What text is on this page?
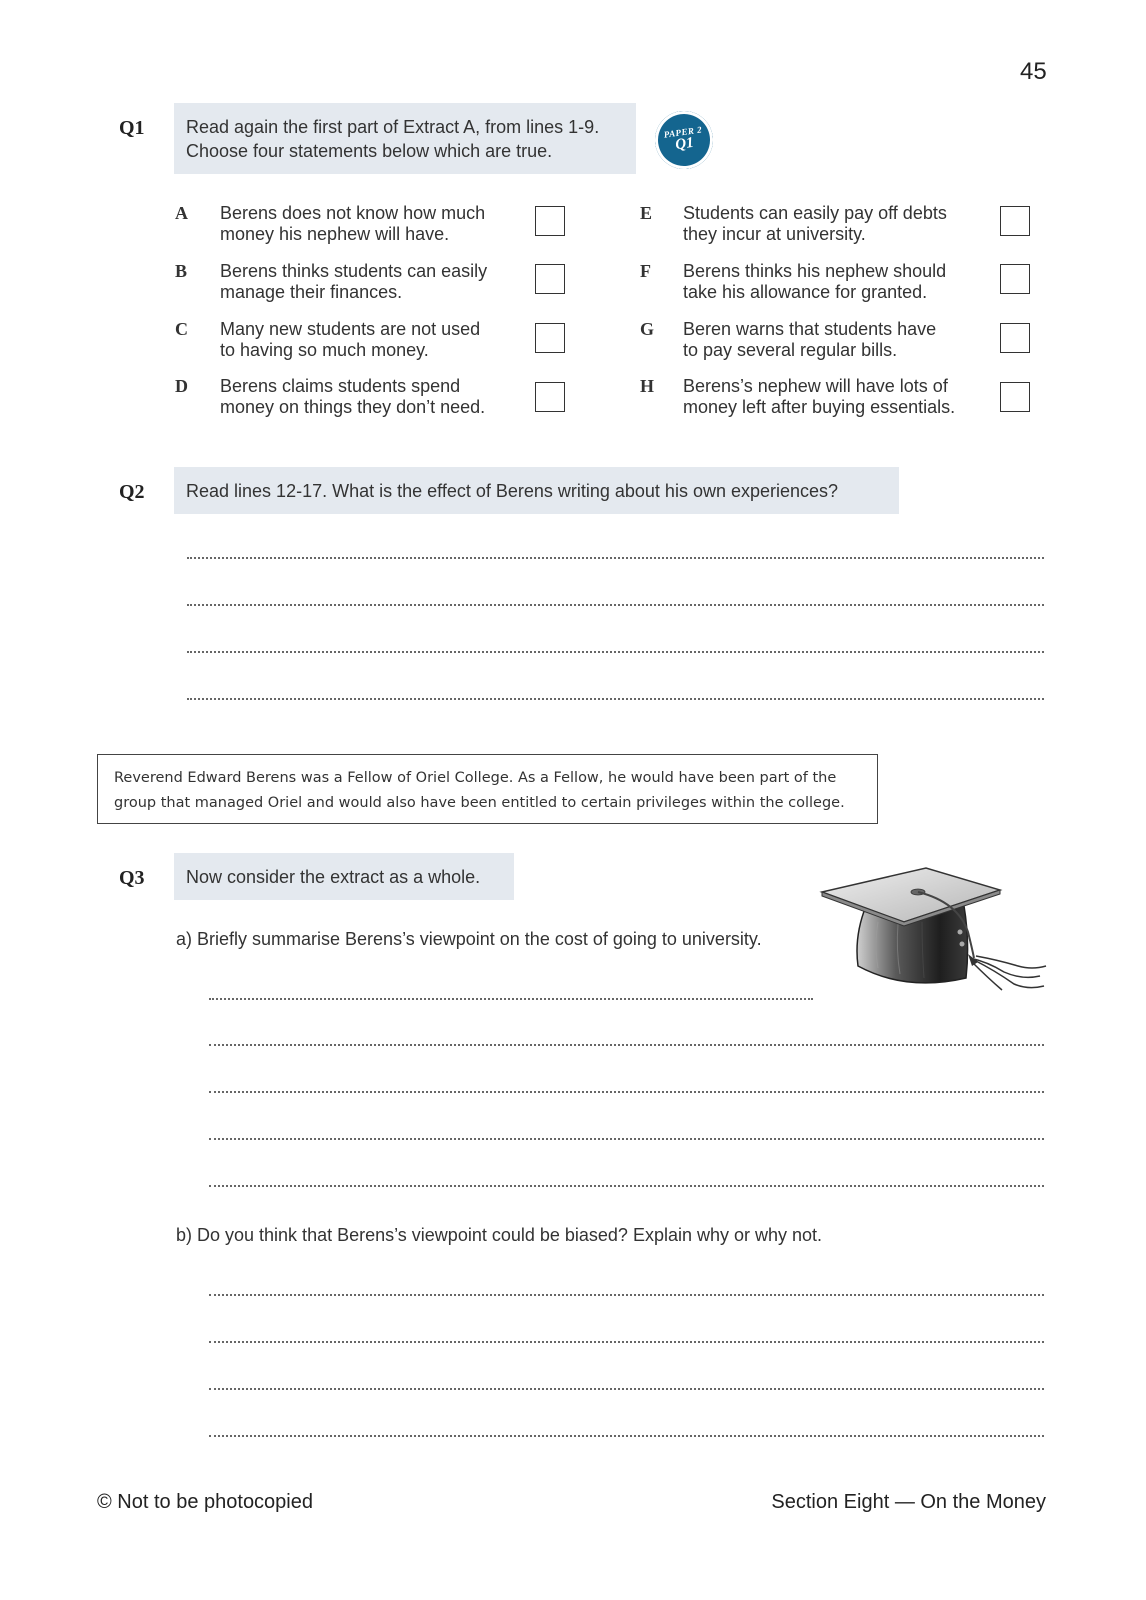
45
Q1 Read again the first part of Extract A, from lines 1-9.
Choose four statements below which are true.
PAPER 2
Q1
A Berens does not know how much
money his nephew will have.
B Berens thinks students can easily
manage their finances.
C Many new students are not used
to having so much money.
D Berens claims students spend
money on things they don’t need.
E Students can easily pay off debts
they incur at university.
F Berens thinks his nephew should
take his allowance for granted.
G Beren warns that students have
to pay several regular bills.
H Berens’s nephew will have lots of
money left after buying essentials.
Q2 Read lines 12-17. What is the effect of Berens writing about his own experiences?
Reverend Edward Berens was a Fellow of Oriel College. As a Fellow, he would have been part of the
group that managed Oriel and would also have been entitled to certain privileges within the college.
Q3 Now consider the extract as a whole.
a) Briefly summarise Berens’s viewpoint on the cost of going to university.
b) Do you think that Berens’s viewpoint could be biased? Explain why or why not.
© Not to be photocopied	Section Eight — On the Money
